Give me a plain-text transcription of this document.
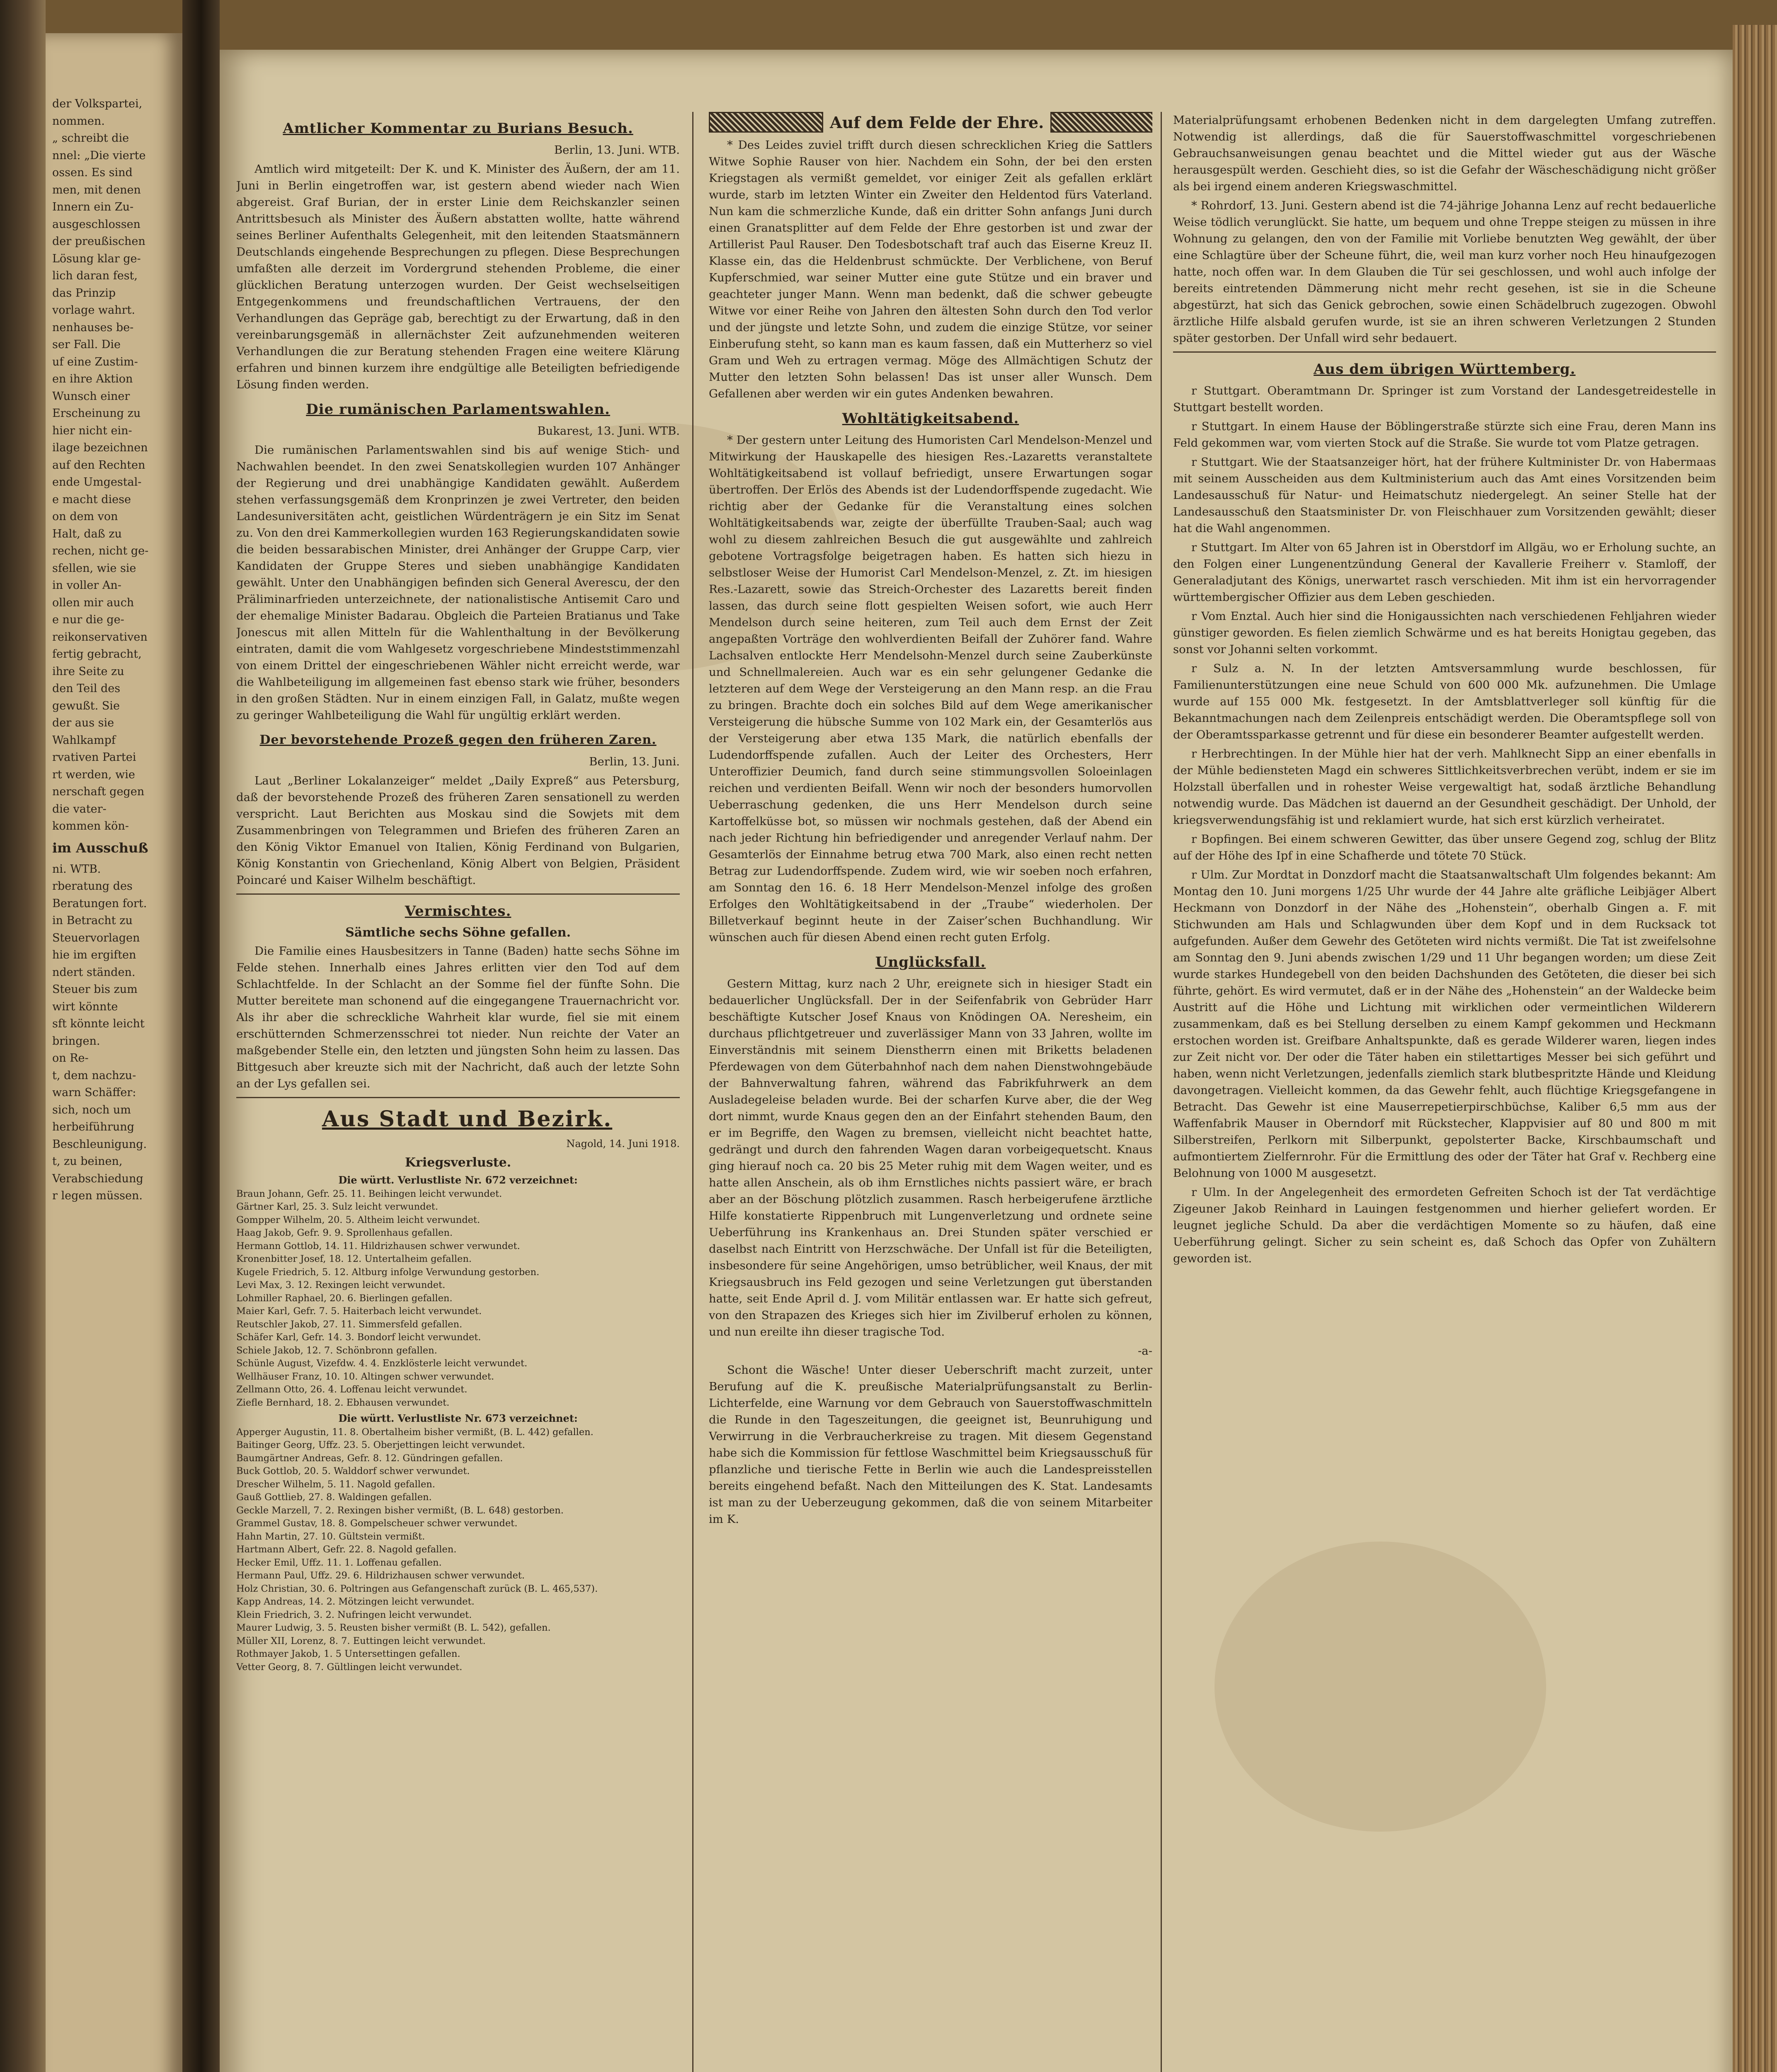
der Volkspartei,
nommen.
„ schreibt die
nnel: „Die vierte
ossen. Es sind
men, mit denen
Innern ein Zu-
ausgeschlossen
der preußischen
Lösung klar ge-
lich daran fest,
das Prinzip
vorlage wahrt.
nenhauses be-
ser Fall. Die
uf eine Zustim-
en ihre Aktion
Wunsch einer
Erscheinung zu
hier nicht ein-
ilage bezeichnen
auf den Rechten
ende Umgestal-
e macht diese
on dem von
Halt, daß zu
rechen, nicht ge-
sfellen, wie sie
in voller An-
ollen mir auch
e nur die ge-
reikonservativen
fertig gebracht,
ihre Seite zu
den Teil des
gewußt. Sie
der aus sie
Wahlkampf
rvativen Partei
rt werden, wie
nerschaft gegen
die vater-
kommen kön-
im Ausschuß
ni. WTB.
rberatung des
Beratungen fort.
in Betracht zu
Steuervorlagen
hie im ergiften
ndert ständen.
Steuer bis zum
wirt könnte
sft könnte leicht
bringen.
on Re-
t, dem nachzu-
warn Schäffer:
sich, noch um
herbeiführung
Beschleunigung.
t, zu beinen,
Verabschiedung
r legen müssen.

Amtlicher Kommentar zu Burians Besuch.

Berlin, 13. Juni. WTB.

Amtlich wird mitgeteilt: Der K. und K. Minister des Äußern, der am 11. Juni in Berlin eingetroffen war, ist gestern abend wieder nach Wien abgereist. Graf Burian, der in erster Linie dem Reichskanzler seinen Antrittsbesuch als Minister des Äußern abstatten wollte, hatte während seines Berliner Aufenthalts Gelegenheit, mit den leitenden Staatsmännern Deutschlands eingehende Besprechungen zu pflegen. Diese Besprechungen umfaßten alle derzeit im Vordergrund stehenden Probleme, die einer glücklichen Beratung unterzogen wurden. Der Geist wechselseitigen Entgegenkommens und freundschaftlichen Vertrauens, der den Verhandlungen das Gepräge gab, berechtigt zu der Erwartung, daß in den vereinbarungsgemäß in allernächster Zeit aufzunehmenden weiteren Verhandlungen die zur Beratung stehenden Fragen eine weitere Klärung erfahren und binnen kurzem ihre endgültige alle Beteiligten befriedigende Lösung finden werden.

Die rumänischen Parlamentswahlen.

Bukarest, 13. Juni. WTB.

Die rumänischen Parlamentswahlen sind bis auf wenige Stich- und Nachwahlen beendet. In den zwei Senatskollegien wurden 107 Anhänger der Regierung und drei unabhängige Kandidaten gewählt. Außerdem stehen verfassungsgemäß dem Kronprinzen je zwei Vertreter, den beiden Landesuniversitäten acht, geistlichen Würdenträgern je ein Sitz im Senat zu. Von den drei Kammerkollegien wurden 163 Regierungskandidaten sowie die beiden bessarabischen Minister, drei Anhänger der Gruppe Carp, vier Kandidaten der Gruppe Steres und sieben unabhängige Kandidaten gewählt. Unter den Unabhängigen befinden sich General Averescu, der den Präliminarfrieden unterzeichnete, der nationalistische Antisemit Caro und der ehemalige Minister Badarau. Obgleich die Parteien Bratianus und Take Jonescus mit allen Mitteln für die Wahlenthaltung in der Bevölkerung eintraten, damit die vom Wahlgesetz vorgeschriebene Mindeststimmenzahl von einem Drittel der eingeschriebenen Wähler nicht erreicht werde, war die Wahlbeteiligung im allgemeinen fast ebenso stark wie früher, besonders in den großen Städten. Nur in einem einzigen Fall, in Galatz, mußte wegen zu geringer Wahlbeteiligung die Wahl für ungültig erklärt werden.

Der bevorstehende Prozeß gegen den früheren Zaren.

Berlin, 13. Juni.

Laut „Berliner Lokalanzeiger“ meldet „Daily Expreß“ aus Petersburg, daß der bevorstehende Prozeß des früheren Zaren sensationell zu werden verspricht. Laut Berichten aus Moskau sind die Sowjets mit dem Zusammenbringen von Telegrammen und Briefen des früheren Zaren an den König Viktor Emanuel von Italien, König Ferdinand von Bulgarien, König Konstantin von Griechenland, König Albert von Belgien, Präsident Poincaré und Kaiser Wilhelm beschäftigt.

Vermischtes.

Sämtliche sechs Söhne gefallen.

Die Familie eines Hausbesitzers in Tanne (Baden) hatte sechs Söhne im Felde stehen. Innerhalb eines Jahres erlitten vier den Tod auf dem Schlachtfelde. In der Schlacht an der Somme fiel der fünfte Sohn. Die Mutter bereitete man schonend auf die eingegangene Trauernachricht vor. Als ihr aber die schreckliche Wahrheit klar wurde, fiel sie mit einem erschütternden Schmerzensschrei tot nieder. Nun reichte der Vater an maßgebender Stelle ein, den letzten und jüngsten Sohn heim zu lassen. Das Bittgesuch aber kreuzte sich mit der Nachricht, daß auch der letzte Sohn an der Lys gefallen sei.

Aus Stadt und Bezirk.

Nagold, 14. Juni 1918.

Kriegsverluste.

Die württ. Verlustliste Nr. 672 verzeichnet:

Braun Johann, Gefr. 25. 11. Beihingen leicht verwundet.

Gärtner Karl, 25. 3. Sulz leicht verwundet.

Gompper Wilhelm, 20. 5. Altheim leicht verwundet.

Haag Jakob, Gefr. 9. 9. Sprollenhaus gefallen.

Hermann Gottlob, 14. 11. Hildrizhausen schwer verwundet.

Kronenbitter Josef, 18. 12. Untertalheim gefallen.

Kugele Friedrich, 5. 12. Altburg infolge Verwundung gestorben.

Levi Max, 3. 12. Rexingen leicht verwundet.

Lohmiller Raphael, 20. 6. Bierlingen gefallen.

Maier Karl, Gefr. 7. 5. Haiterbach leicht verwundet.

Reutschler Jakob, 27. 11. Simmersfeld gefallen.

Schäfer Karl, Gefr. 14. 3. Bondorf leicht verwundet.

Schiele Jakob, 12. 7. Schönbronn gefallen.

Schünle August, Vizefdw. 4. 4. Enzklösterle leicht verwundet.

Wellhäuser Franz, 10. 10. Altingen schwer verwundet.

Zellmann Otto, 26. 4. Loffenau leicht verwundet.

Ziefle Bernhard, 18. 2. Ebhausen verwundet.

Die württ. Verlustliste Nr. 673 verzeichnet:

Apperger Augustin, 11. 8. Obertalheim bisher vermißt, (B. L. 442) gefallen.

Baitinger Georg, Uffz. 23. 5. Oberjettingen leicht verwundet.

Baumgärtner Andreas, Gefr. 8. 12. Gündringen gefallen.

Buck Gottlob, 20. 5. Walddorf schwer verwundet.

Drescher Wilhelm, 5. 11. Nagold gefallen.

Gauß Gottlieb, 27. 8. Waldingen gefallen.

Geckle Marzell, 7. 2. Rexingen bisher vermißt, (B. L. 648) gestorben.

Grammel Gustav, 18. 8. Gompelscheuer schwer verwundet.

Hahn Martin, 27. 10. Gültstein vermißt.

Hartmann Albert, Gefr. 22. 8. Nagold gefallen.

Hecker Emil, Uffz. 11. 1. Loffenau gefallen.

Hermann Paul, Uffz. 29. 6. Hildrizhausen schwer verwundet.

Holz Christian, 30. 6. Poltringen aus Gefangenschaft zurück (B. L. 465,537).

Kapp Andreas, 14. 2. Mötzingen leicht verwundet.

Klein Friedrich, 3. 2. Nufringen leicht verwundet.

Maurer Ludwig, 3. 5. Reusten bisher vermißt (B. L. 542), gefallen.

Müller XII, Lorenz, 8. 7. Euttingen leicht verwundet.

Rothmayer Jakob, 1. 5 Untersettingen gefallen.

Vetter Georg, 8. 7. Gültlingen leicht verwundet.

Auf dem Felde der Ehre.

* Des Leides zuviel trifft durch diesen schrecklichen Krieg die Sattlers Witwe Sophie Rauser von hier. Nachdem ein Sohn, der bei den ersten Kriegstagen als vermißt gemeldet, vor einiger Zeit als gefallen erklärt wurde, starb im letzten Winter ein Zweiter den Heldentod fürs Vaterland. Nun kam die schmerzliche Kunde, daß ein dritter Sohn anfangs Juni durch einen Granatsplitter auf dem Felde der Ehre gestorben ist und zwar der Artillerist Paul Rauser. Den Todesbotschaft traf auch das Eiserne Kreuz II. Klasse ein, das die Heldenbrust schmückte. Der Verblichene, von Beruf Kupferschmied, war seiner Mutter eine gute Stütze und ein braver und geachteter junger Mann. Wenn man bedenkt, daß die schwer gebeugte Witwe vor einer Reihe von Jahren den ältesten Sohn durch den Tod verlor und der jüngste und letzte Sohn, und zudem die einzige Stütze, vor seiner Einberufung steht, so kann man es kaum fassen, daß ein Mutterherz so viel Gram und Weh zu ertragen vermag. Möge des Allmächtigen Schutz der Mutter den letzten Sohn belassen! Das ist unser aller Wunsch. Dem Gefallenen aber werden wir ein gutes Andenken bewahren.

Wohltätigkeitsabend.

* Der gestern unter Leitung des Humoristen Carl Mendelson-Menzel und Mitwirkung der Hauskapelle des hiesigen Res.-Lazaretts veranstaltete Wohltätigkeitsabend ist vollauf befriedigt, unsere Erwartungen sogar übertroffen. Der Erlös des Abends ist der Ludendorffspende zugedacht. Wie richtig aber der Gedanke für die Veranstaltung eines solchen Wohltätigkeitsabends war, zeigte der überfüllte Trauben-Saal; auch wag wohl zu diesem zahlreichen Besuch die gut ausgewählte und zahlreich gebotene Vortragsfolge beigetragen haben. Es hatten sich hiezu in selbstloser Weise der Humorist Carl Mendelson-Menzel, z. Zt. im hiesigen Res.-Lazarett, sowie das Streich-Orchester des Lazaretts bereit finden lassen, das durch seine flott gespielten Weisen sofort, wie auch Herr Mendelson durch seine heiteren, zum Teil auch dem Ernst der Zeit angepaßten Vorträge den wohlverdienten Beifall der Zuhörer fand. Wahre Lachsalven entlockte Herr Mendelsohn-Menzel durch seine Zauberkünste und Schnellmalereien. Auch war es ein sehr gelungener Gedanke die letzteren auf dem Wege der Versteigerung an den Mann resp. an die Frau zu bringen. Brachte doch ein solches Bild auf dem Wege amerikanischer Versteigerung die hübsche Summe von 102 Mark ein, der Gesamterlös aus der Versteigerung aber etwa 135 Mark, die natürlich ebenfalls der Ludendorffspende zufallen. Auch der Leiter des Orchesters, Herr Unteroffizier Deumich, fand durch seine stimmungsvollen Soloeinlagen reichen und verdienten Beifall. Wenn wir noch der besonders humorvollen Ueberraschung gedenken, die uns Herr Mendelson durch seine Kartoffelküsse bot, so müssen wir nochmals gestehen, daß der Abend ein nach jeder Richtung hin befriedigender und anregender Verlauf nahm. Der Gesamterlös der Einnahme betrug etwa 700 Mark, also einen recht netten Betrag zur Ludendorffspende. Zudem wird, wie wir soeben noch erfahren, am Sonntag den 16. 6. 18 Herr Mendelson-Menzel infolge des großen Erfolges den Wohltätigkeitsabend in der „Traube“ wiederholen. Der Billetverkauf beginnt heute in der Zaiser’schen Buchhandlung. Wir wünschen auch für diesen Abend einen recht guten Erfolg.

Unglücksfall.

Gestern Mittag, kurz nach 2 Uhr, ereignete sich in hiesiger Stadt ein bedauerlicher Unglücksfall. Der in der Seifenfabrik von Gebrüder Harr beschäftigte Kutscher Josef Knaus von Knödingen OA. Neresheim, ein durchaus pflichtgetreuer und zuverlässiger Mann von 33 Jahren, wollte im Einverständnis mit seinem Dienstherrn einen mit Briketts beladenen Pferdewagen von dem Güterbahnhof nach dem nahen Dienstwohngebäude der Bahnverwaltung fahren, während das Fabrikfuhrwerk an dem Ausladegeleise beladen wurde. Bei der scharfen Kurve aber, die der Weg dort nimmt, wurde Knaus gegen den an der Einfahrt stehenden Baum, den er im Begriffe, den Wagen zu bremsen, vielleicht nicht beachtet hatte, gedrängt und durch den fahrenden Wagen daran vorbeigequetscht. Knaus ging hierauf noch ca. 20 bis 25 Meter ruhig mit dem Wagen weiter, und es hatte allen Anschein, als ob ihm Ernstliches nichts passiert wäre, er brach aber an der Böschung plötzlich zusammen. Rasch herbeigerufene ärztliche Hilfe konstatierte Rippenbruch mit Lungenverletzung und ordnete seine Ueberführung ins Krankenhaus an. Drei Stunden später verschied er daselbst nach Eintritt von Herzschwäche. Der Unfall ist für die Beteiligten, insbesondere für seine Angehörigen, umso betrüblicher, weil Knaus, der mit Kriegsausbruch ins Feld gezogen und seine Verletzungen gut überstanden hatte, seit Ende April d. J. vom Militär entlassen war. Er hatte sich gefreut, von den Strapazen des Krieges sich hier im Zivilberuf erholen zu können, und nun ereilte ihn dieser tragische Tod.

-a-

Schont die Wäsche! Unter dieser Ueberschrift macht zurzeit, unter Berufung auf die K. preußische Materialprüfungsanstalt zu Berlin-Lichterfelde, eine Warnung vor dem Gebrauch von Sauerstoffwaschmitteln die Runde in den Tageszeitungen, die geeignet ist, Beunruhigung und Verwirrung in die Verbraucherkreise zu tragen. Mit diesem Gegenstand habe sich die Kommission für fettlose Waschmittel beim Kriegsausschuß für pflanzliche und tierische Fette in Berlin wie auch die Landespreisstellen bereits eingehend befaßt. Nach den Mitteilungen des K. Stat. Landesamts ist man zu der Ueberzeugung gekommen, daß die von seinem Mitarbeiter im K.

Materialprüfungsamt erhobenen Bedenken nicht in dem dargelegten Umfang zutreffen. Notwendig ist allerdings, daß die für Sauerstoffwaschmittel vorgeschriebenen Gebrauchsanweisungen genau beachtet und die Mittel wieder gut aus der Wäsche herausgespült werden. Geschieht dies, so ist die Gefahr der Wäscheschädigung nicht größer als bei irgend einem anderen Kriegswaschmittel.

* Rohrdorf, 13. Juni. Gestern abend ist die 74-jährige Johanna Lenz auf recht bedauerliche Weise tödlich verunglückt. Sie hatte, um bequem und ohne Treppe steigen zu müssen in ihre Wohnung zu gelangen, den von der Familie mit Vorliebe benutzten Weg gewählt, der über eine Schlagtüre über der Scheune führt, die, weil man kurz vorher noch Heu hinaufgezogen hatte, noch offen war. In dem Glauben die Tür sei geschlossen, und wohl auch infolge der bereits eintretenden Dämmerung nicht mehr recht gesehen, ist sie in die Scheune abgestürzt, hat sich das Genick gebrochen, sowie einen Schädelbruch zugezogen. Obwohl ärztliche Hilfe alsbald gerufen wurde, ist sie an ihren schweren Verletzungen 2 Stunden später gestorben. Der Unfall wird sehr bedauert.

Aus dem übrigen Württemberg.

r Stuttgart. Oberamtmann Dr. Springer ist zum Vorstand der Landesgetreidestelle in Stuttgart bestellt worden.

r Stuttgart. In einem Hause der Böblingerstraße stürzte sich eine Frau, deren Mann ins Feld gekommen war, vom vierten Stock auf die Straße. Sie wurde tot vom Platze getragen.

r Stuttgart. Wie der Staatsanzeiger hört, hat der frühere Kultminister Dr. von Habermaas mit seinem Ausscheiden aus dem Kultministerium auch das Amt eines Vorsitzenden beim Landesausschuß für Natur- und Heimatschutz niedergelegt. An seiner Stelle hat der Landesausschuß den Staatsminister Dr. von Fleischhauer zum Vorsitzenden gewählt; dieser hat die Wahl angenommen.

r Stuttgart. Im Alter von 65 Jahren ist in Oberstdorf im Allgäu, wo er Erholung suchte, an den Folgen einer Lungenentzündung General der Kavallerie Freiherr v. Stamloff, der Generaladjutant des Königs, unerwartet rasch verschieden. Mit ihm ist ein hervorragender württembergischer Offizier aus dem Leben geschieden.

r Vom Enztal. Auch hier sind die Honigaussichten nach verschiedenen Fehljahren wieder günstiger geworden. Es fielen ziemlich Schwärme und es hat bereits Honigtau gegeben, das sonst vor Johanni selten vorkommt.

r Sulz a. N. In der letzten Amtsversammlung wurde beschlossen, für Familienunterstützungen eine neue Schuld von 600 000 Mk. aufzunehmen. Die Umlage wurde auf 155 000 Mk. festgesetzt. In der Amtsblattverleger soll künftig für die Bekanntmachungen nach dem Zeilenpreis entschädigt werden. Die Oberamtspflege soll von der Oberamtssparkasse getrennt und für diese ein besonderer Beamter aufgestellt werden.

r Herbrechtingen. In der Mühle hier hat der verh. Mahlknecht Sipp an einer ebenfalls in der Mühle bediensteten Magd ein schweres Sittlichkeitsverbrechen verübt, indem er sie im Holzstall überfallen und in rohester Weise vergewaltigt hat, sodaß ärztliche Behandlung notwendig wurde. Das Mädchen ist dauernd an der Gesundheit geschädigt. Der Unhold, der kriegsverwendungsfähig ist und reklamiert wurde, hat sich erst kürzlich verheiratet.

r Bopfingen. Bei einem schweren Gewitter, das über unsere Gegend zog, schlug der Blitz auf der Höhe des Ipf in eine Schafherde und tötete 70 Stück.

r Ulm. Zur Mordtat in Donzdorf macht die Staatsanwaltschaft Ulm folgendes bekannt: Am Montag den 10. Juni morgens 1/25 Uhr wurde der 44 Jahre alte gräfliche Leibjäger Albert Heckmann von Donzdorf in der Nähe des „Hohenstein“, oberhalb Gingen a. F. mit Stichwunden am Hals und Schlagwunden über dem Kopf und in dem Rucksack tot aufgefunden. Außer dem Gewehr des Getöteten wird nichts vermißt. Die Tat ist zweifelsohne am Sonntag den 9. Juni abends zwischen 1/29 und 11 Uhr begangen worden; um diese Zeit wurde starkes Hundegebell von den beiden Dachshunden des Getöteten, die dieser bei sich führte, gehört. Es wird vermutet, daß er in der Nähe des „Hohenstein“ an der Waldecke beim Austritt auf die Höhe und Lichtung mit wirklichen oder vermeintlichen Wilderern zusammenkam, daß es bei Stellung derselben zu einem Kampf gekommen und Heckmann erstochen worden ist. Greifbare Anhaltspunkte, daß es gerade Wilderer waren, liegen indes zur Zeit nicht vor. Der oder die Täter haben ein stilettartiges Messer bei sich geführt und haben, wenn nicht Verletzungen, jedenfalls ziemlich stark blutbespritzte Hände und Kleidung davongetragen. Vielleicht kommen, da das Gewehr fehlt, auch flüchtige Kriegsgefangene in Betracht. Das Gewehr ist eine Mauserrepetierpirschbüchse, Kaliber 6,5 mm aus der Waffenfabrik Mauser in Oberndorf mit Rückstecher, Klappvisier auf 80 und 800 m mit Silberstreifen, Perlkorn mit Silberpunkt, gepolsterter Backe, Kirschbaumschaft und aufmontiertem Zielfernrohr. Für die Ermittlung des oder der Täter hat Graf v. Rechberg eine Belohnung von 1000 M ausgesetzt.

r Ulm. In der Angelegenheit des ermordeten Gefreiten Schoch ist der Tat verdächtige Zigeuner Jakob Reinhard in Lauingen festgenommen und hierher geliefert worden. Er leugnet jegliche Schuld. Da aber die verdächtigen Momente so zu häufen, daß eine Ueberführung gelingt. Sicher zu sein scheint es, daß Schoch das Opfer von Zuhältern geworden ist.
